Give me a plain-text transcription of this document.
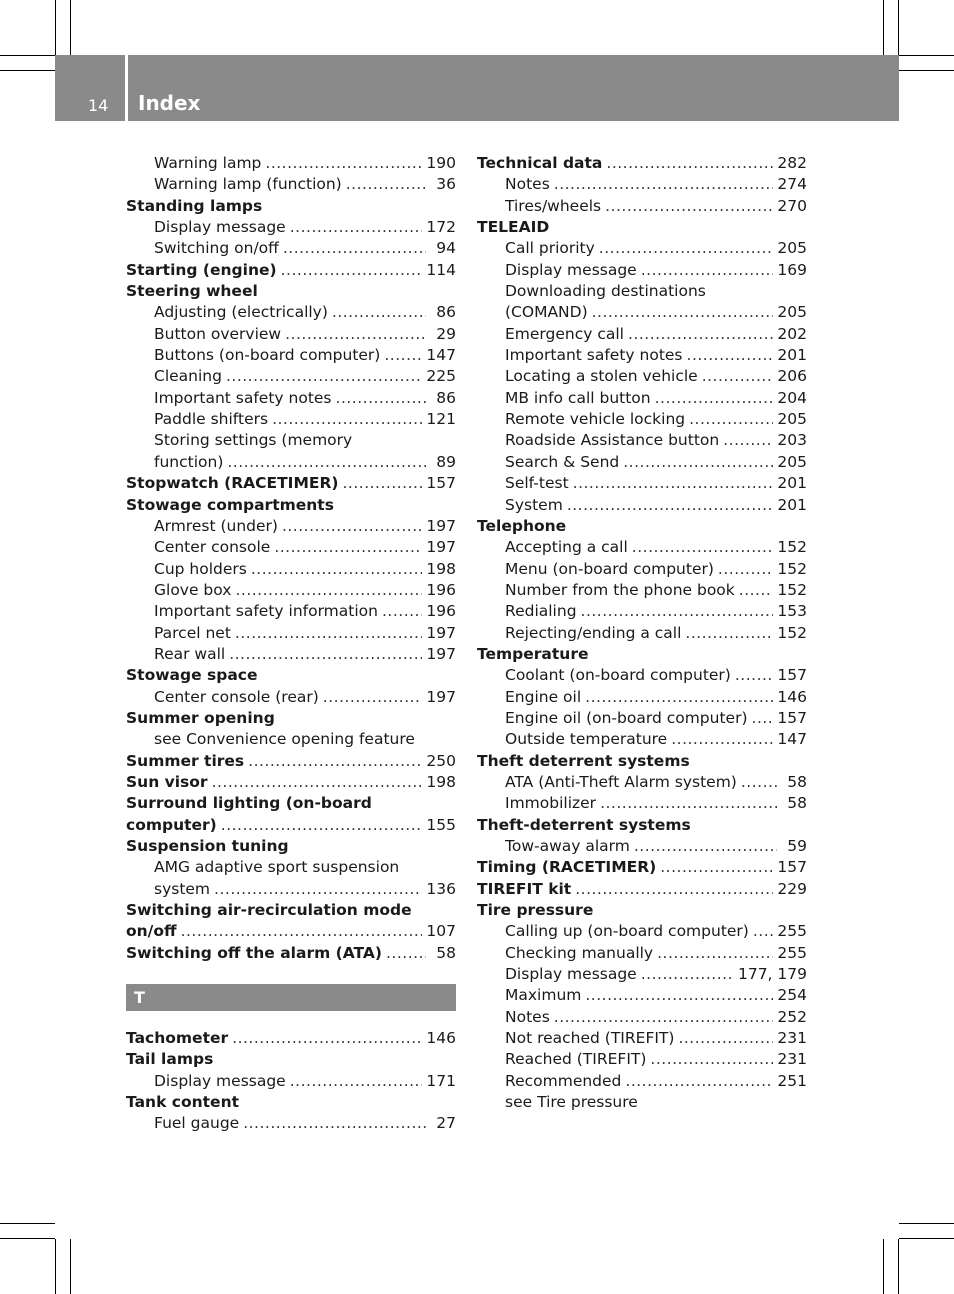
14 Index
Warning lamp .....	190
Warning lamp (function) .....	36
Standing lamps
Display message .....	172
Switching on/off .....	94
Starting (engine) .....	114
Steering wheel
Adjusting (electrically) .....	86
Button overview .....	29
Buttons (on-board computer) .....	147
Cleaning .....	225
Important safety notes .....	86
Paddle shifters .....	121
Storing settings (memory
function) .....	89
Stopwatch (RACETIMER) .....	157
Stowage compartments
Armrest (under) .....	197
Center console .....	197
Cup holders .....	198
Glove box .....	196
Important safety information .....	196
Parcel net .....	197
Rear wall .....	197
Stowage space
Center console (rear) .....	197
Summer opening
see Convenience opening feature
Summer tires .....	250
Sun visor .....	198
Surround lighting (on-board
computer) .....	155
Suspension tuning
AMG adaptive sport suspension
system .....	136
Switching air-recirculation mode
on/off .....	107
Switching off the alarm (ATA) .....	58
T
Tachometer .....	146
Tail lamps
Display message .....	171
Tank content
Fuel gauge .....	27
Technical data .....	282
Notes .....	274
Tires/wheels .....	270
TELEAID
Call priority .....	205
Display message .....	169
Downloading destinations
(COMAND) .....	205
Emergency call .....	202
Important safety notes .....	201
Locating a stolen vehicle .....	206
MB info call button .....	204
Remote vehicle locking .....	205
Roadside Assistance button .....	203
Search & Send .....	205
Self-test .....	201
System .....	201
Telephone
Accepting a call .....	152
Menu (on-board computer) .....	152
Number from the phone book .....	152
Redialing .....	153
Rejecting/ending a call .....	152
Temperature
Coolant (on-board computer) .....	157
Engine oil .....	146
Engine oil (on-board computer) ..... 157
Outside temperature .....	147
Theft deterrent systems
ATA (Anti-Theft Alarm system) .....	58
Immobilizer .....	58
Theft-deterrent systems
Tow-away alarm .....	59
Timing (RACETIMER) .....	157
TIREFIT kit .....	229
Tire pressure
Calling up (on-board computer) ..... 255
Checking manually .....	255
Display message .....	177, 179
Maximum .....	254
Notes .....	252
Not reached (TIREFIT) .....	231
Reached (TIREFIT) .....	231
Recommended .....	251
see Tire pressure
